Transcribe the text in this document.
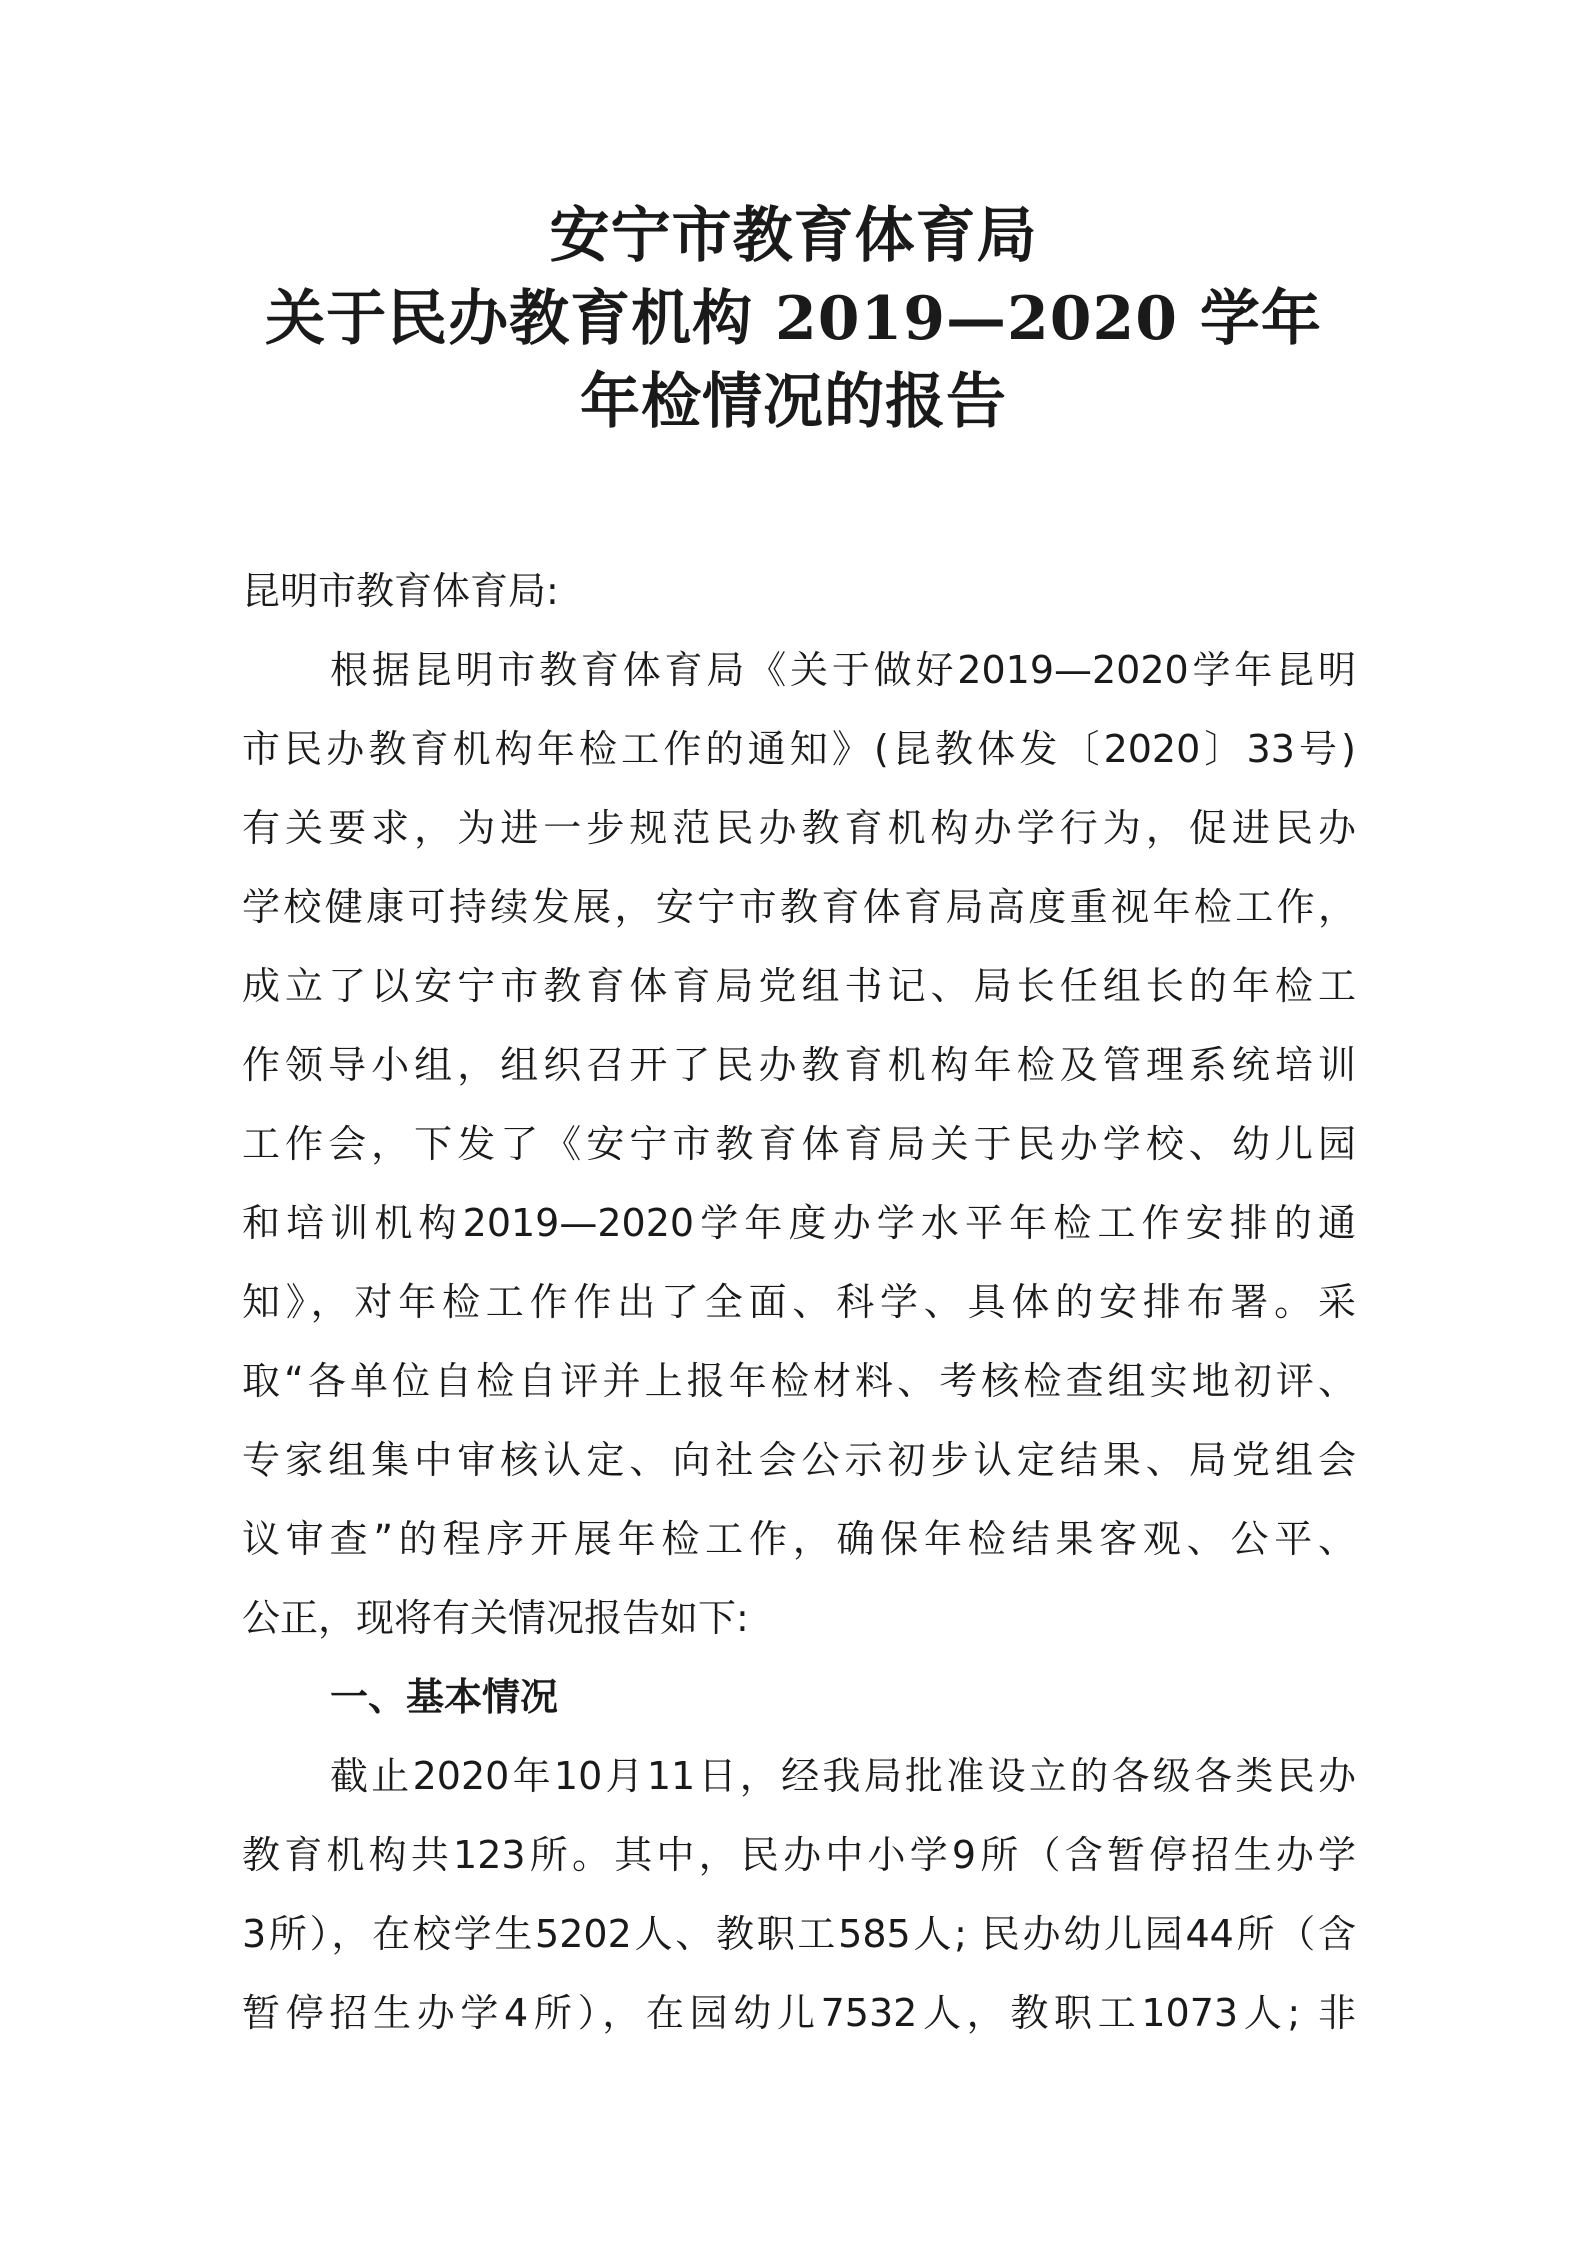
安宁市教育体育局
关于民办教育机构 2019—2020 学年
年检情况的报告
昆明市教育体育局:
根据昆明市教育体育局《关于做好2019—2020学年昆明
市民办教育机构年检工作的通知》(昆教体发〔2020〕33号)
有关要求，为进一步规范民办教育机构办学行为，促进民办
学校健康可持续发展，安宁市教育体育局高度重视年检工作，
成立了以安宁市教育体育局党组书记、局长任组长的年检工
作领导小组，组织召开了民办教育机构年检及管理系统培训
工作会，下发了《安宁市教育体育局关于民办学校、幼儿园
和培训机构2019—2020学年度办学水平年检工作安排的通
知》，对年检工作作出了全面、科学、具体的安排布署。采
取“各单位自检自评并上报年检材料、考核检查组实地初评、
专家组集中审核认定、向社会公示初步认定结果、局党组会
议审查”的程序开展年检工作，确保年检结果客观、公平、
公正，现将有关情况报告如下:
一、基本情况
截止2020年10月11日，经我局批准设立的各级各类民办
教育机构共123所。其中，民办中小学9所（含暂停招生办学
3所），在校学生5202人、教职工585人; 民办幼儿园44所（含
暂停招生办学4所），在园幼儿7532人，教职工1073人; 非
